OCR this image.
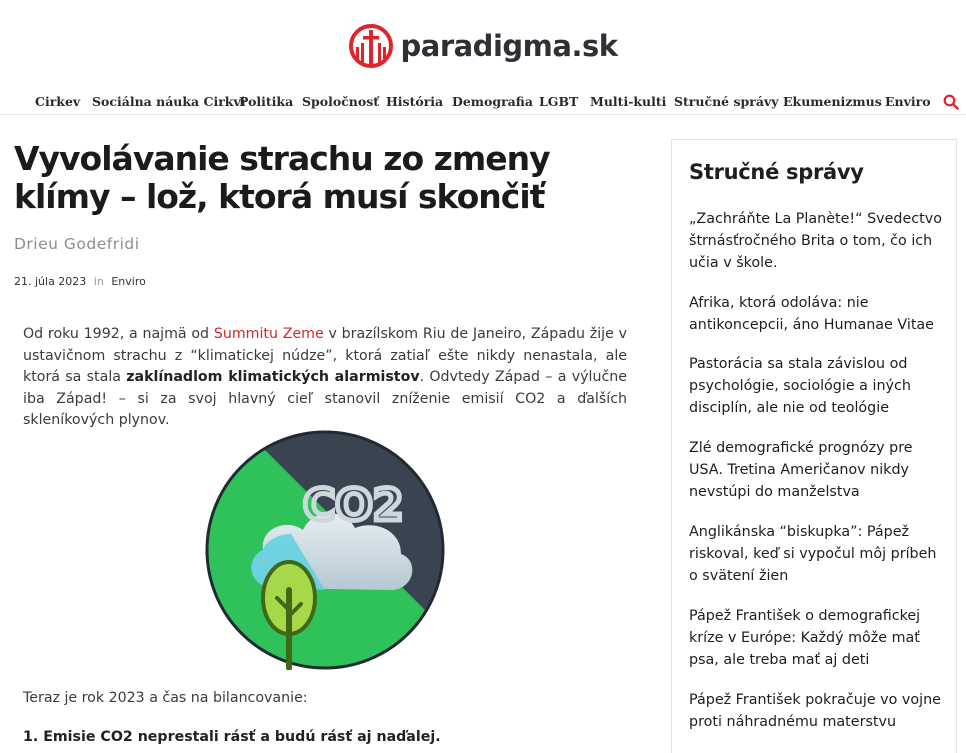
paradigma.sk
Cirkev Sociálna náuka Cirkvi
Politika Spoločnosť História Demografia LGBT Multi-kulti Stručné správy Ekumenizmus Enviro
Vyvolávanie strachu zo zmeny klímy – lož, ktorá musí skončiť
Drieu Godefridi
21. júla 2023 in Enviro

Od roku 1992, a najmä od Summitu Zeme v brazílskom Riu de Janeiro, Západu žije v ustavičnom strachu z “klimatickej núdze”, ktorá zatiaľ ešte nikdy nenastala, ale ktorá sa stala zaklínadlom klimatických alarmistov. Odvtedy Západ – a výlučne iba Západ! – si za svoj hlavný cieľ stanovil zníženie emisií CO2 a ďalších skleníkových plynov.

CO2

Teraz je rok 2023 a čas na bilancovanie:

1. Emisie CO2 neprestali rásť a budú rásť aj naďalej.

Stručné správy
„Zachráňte La Planète!“ Svedectvo štrnásťročného Brita o tom, čo ich učia v škole.
Afrika, ktorá odoláva: nie antikoncepcii, áno Humanae Vitae
Pastorácia sa stala závislou od psychológie, sociológie a iných disciplín, ale nie od teológie
Zlé demografické prognózy pre USA. Tretina Američanov nikdy nevstúpi do manželstva
Anglikánska “biskupka”: Pápež riskoval, keď si vypočul môj príbeh o svätení žien
Pápež František o demografickej kríze v Európe: Každý môže mať psa, ale treba mať aj deti
Pápež František pokračuje vo vojne proti náhradnému materstvu
